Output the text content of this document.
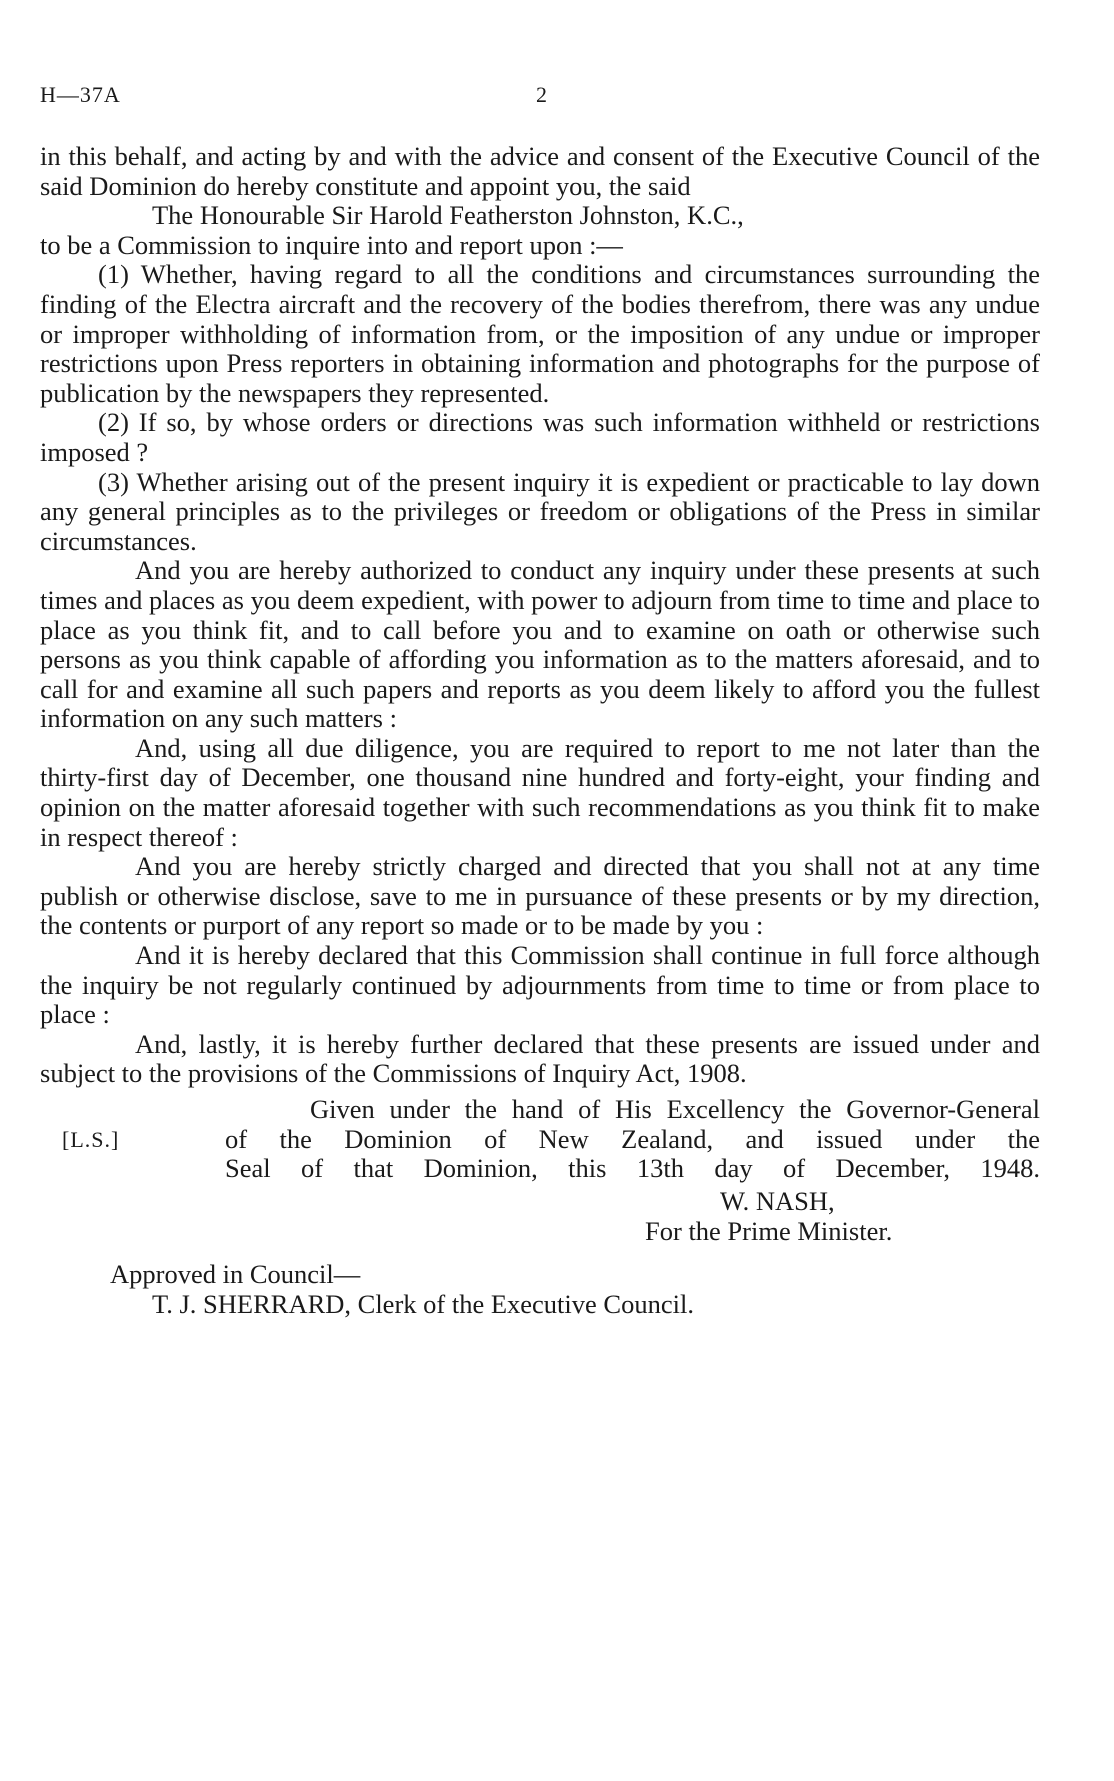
H—37A	2

in this behalf, and acting by and with the advice and consent of the Executive Council of the said Dominion do hereby constitute and appoint you, the said

The Honourable Sir Harold Featherston Johnston, K.C.,

to be a Commission to inquire into and report upon :—

(1) Whether, having regard to all the conditions and circumstances surrounding the finding of the Electra aircraft and the recovery of the bodies therefrom, there was any undue or improper withholding of information from, or the imposition of any undue or improper restrictions upon Press reporters in obtaining information and photographs for the purpose of publication by the newspapers they represented.

(2) If so, by whose orders or directions was such information withheld or restrictions imposed ?

(3) Whether arising out of the present inquiry it is expedient or practicable to lay down any general principles as to the privileges or freedom or obligations of the Press in similar circumstances.

And you are hereby authorized to conduct any inquiry under these presents at such times and places as you deem expedient, with power to adjourn from time to time and place to place as you think fit, and to call before you and to examine on oath or otherwise such persons as you think capable of affording you information as to the matters aforesaid, and to call for and examine all such papers and reports as you deem likely to afford you the fullest information on any such matters :

And, using all due diligence, you are required to report to me not later than the thirty-first day of December, one thousand nine hundred and forty-eight, your finding and opinion on the matter aforesaid together with such recommendations as you think fit to make in respect thereof :

And you are hereby strictly charged and directed that you shall not at any time publish or otherwise disclose, save to me in pursuance of these presents or by my direction, the contents or purport of any report so made or to be made by you :

And it is hereby declared that this Commission shall continue in full force although the inquiry be not regularly continued by adjournments from time to time or from place to place :

And, lastly, it is hereby further declared that these presents are issued under and subject to the provisions of the Commissions of Inquiry Act, 1908.

[L.S.]
Given under the hand of His Excellency the Governor-General
of the Dominion of New Zealand, and issued under the
Seal of that Dominion, this 13th day of December, 1948.

W. NASH,

For the Prime Minister.

Approved in Council—

T. J. SHERRARD, Clerk of the Executive Council.
